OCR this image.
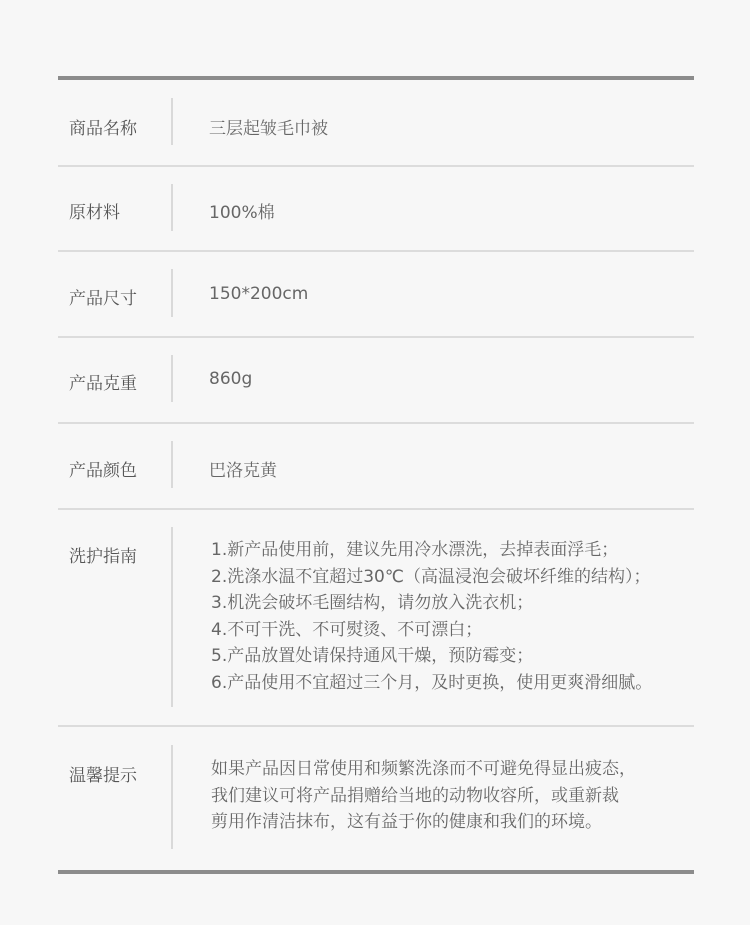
商品名称	三层起皱毛巾被
原材料	100%棉
产品尺寸	150*200cm
产品克重	860g
产品颜色	巴洛克黄
洗护指南	1.新产品使用前，建议先用冷水漂洗，去掉表面浮毛；
2.洗涤水温不宜超过30℃（高温浸泡会破坏纤维的结构）；
3.机洗会破坏毛圈结构，请勿放入洗衣机；
4.不可干洗、不可熨烫、不可漂白；
5.产品放置处请保持通风干燥，预防霉变；
6.产品使用不宜超过三个月，及时更换，使用更爽滑细腻。
温馨提示	如果产品因日常使用和频繁洗涤而不可避免得显出疲态，
我们建议可将产品捐赠给当地的动物收容所，或重新裁
剪用作清洁抹布，这有益于你的健康和我们的环境。
